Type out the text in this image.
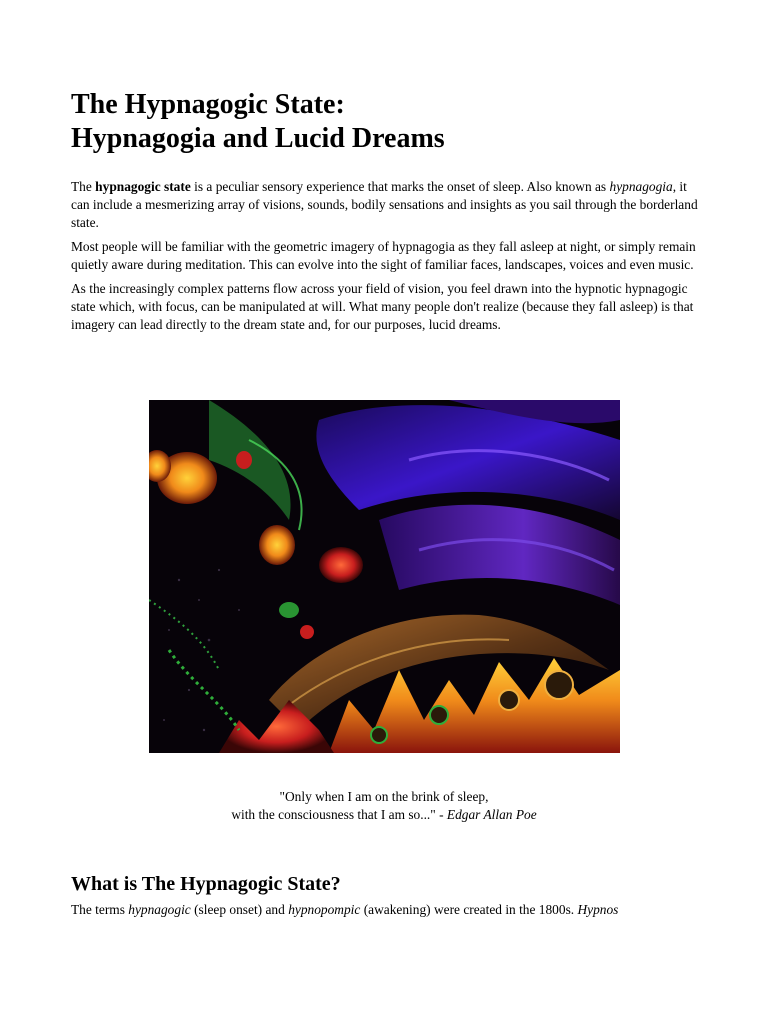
The Hypnagogic State:
Hypnagogia and Lucid Dreams

The hypnagogic state is a peculiar sensory experience that marks the onset of sleep. Also known as hypnagogia, it can include a mesmerizing array of visions, sounds, bodily sensations and insights as you sail through the borderland state.

Most people will be familiar with the geometric imagery of hypnagogia as they fall asleep at night, or simply remain quietly aware during meditation. This can evolve into the sight of familiar faces, landscapes, voices and even music.

As the increasingly complex patterns flow across your field of vision, you feel drawn into the hypnotic hypnagogic state which, with focus, can be manipulated at will. What many people don't realize (because they fall asleep) is that imagery can lead directly to the dream state and, for our purposes, lucid dreams.

"Only when I am on the brink of sleep,
with the consciousness that I am so..." - Edgar Allan Poe
What is The Hypnagogic State?

The terms hypnagogic (sleep onset) and hypnopompic (awakening) were created in the 1800s. Hypnos
